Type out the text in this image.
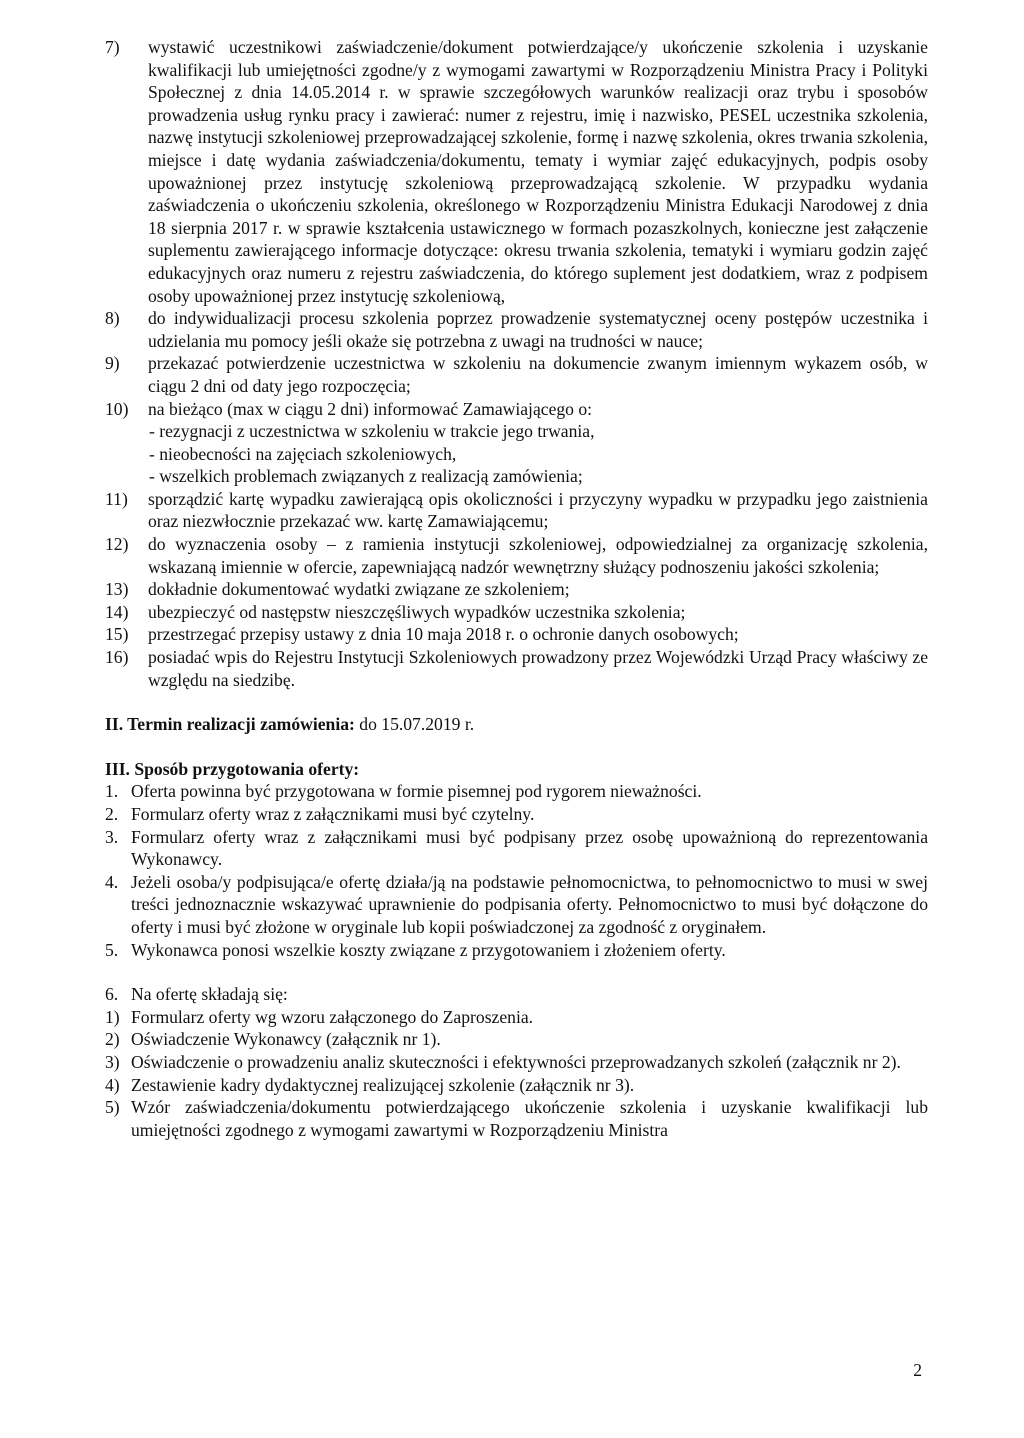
7)	wystawić uczestnikowi zaświadczenie/dokument potwierdzające/y ukończenie szkolenia i uzyskanie kwalifikacji lub umiejętności zgodne/y z wymogami zawartymi w Rozporządzeniu Ministra Pracy i Polityki Społecznej z dnia 14.05.2014 r. w sprawie szczegółowych warunków realizacji oraz trybu i sposobów prowadzenia usług rynku pracy i zawierać: numer z rejestru, imię i nazwisko, PESEL uczestnika szkolenia, nazwę instytucji szkoleniowej przeprowadzającej szkolenie, formę i nazwę szkolenia, okres trwania szkolenia, miejsce i datę wydania zaświadczenia/dokumentu, tematy i wymiar zajęć edukacyjnych, podpis osoby upoważnionej przez instytucję szkoleniową przeprowadzającą szkolenie. W przypadku wydania zaświadczenia o ukończeniu szkolenia, określonego w Rozporządzeniu Ministra Edukacji Narodowej z dnia 18 sierpnia 2017 r. w sprawie kształcenia ustawicznego w formach pozaszkolnych, konieczne jest załączenie suplementu zawierającego informacje dotyczące: okresu trwania szkolenia, tematyki i wymiaru godzin zajęć edukacyjnych oraz numeru z rejestru zaświadczenia, do którego suplement jest dodatkiem, wraz z podpisem osoby upoważnionej przez instytucję szkoleniową,
8)	do indywidualizacji procesu szkolenia poprzez prowadzenie systematycznej oceny postępów uczestnika i udzielania mu pomocy jeśli okaże się potrzebna z uwagi na trudności w nauce;
9)	przekazać potwierdzenie uczestnictwa w szkoleniu na dokumencie zwanym imiennym wykazem osób, w ciągu 2 dni od daty jego rozpoczęcia;
10)	na bieżąco (max w ciągu 2 dni) informować Zamawiającego o:
- rezygnacji z uczestnictwa w szkoleniu w trakcie jego trwania,
- nieobecności na zajęciach szkoleniowych,
- wszelkich problemach związanych z realizacją zamówienia;
11)	sporządzić kartę wypadku zawierającą opis okoliczności i przyczyny wypadku w przypadku jego zaistnienia oraz niezwłocznie przekazać ww. kartę Zamawiającemu;
12)	do wyznaczenia osoby – z ramienia instytucji szkoleniowej, odpowiedzialnej za organizację szkolenia, wskazaną imiennie w ofercie, zapewniającą nadzór wewnętrzny służący podnoszeniu jakości szkolenia;
13)	dokładnie dokumentować wydatki związane ze szkoleniem;
14)	ubezpieczyć od następstw nieszczęśliwych wypadków uczestnika szkolenia;
15)	przestrzegać przepisy ustawy z dnia 10 maja 2018 r. o ochronie danych osobowych;
16)	posiadać wpis do Rejestru Instytucji Szkoleniowych prowadzony przez Wojewódzki Urząd Pracy właściwy ze względu na siedzibę.
II. Termin realizacji zamówienia: do 15.07.2019 r.
III. Sposób przygotowania oferty:
1. Oferta powinna być przygotowana w formie pisemnej pod rygorem nieważności.
2. Formularz oferty wraz z załącznikami musi być czytelny.
3. Formularz oferty wraz z załącznikami musi być podpisany przez osobę upoważnioną do reprezentowania Wykonawcy.
4. Jeżeli osoba/y podpisująca/e ofertę działa/ją na podstawie pełnomocnictwa, to pełnomocnictwo to musi w swej treści jednoznacznie wskazywać uprawnienie do podpisania oferty. Pełnomocnictwo to musi być dołączone do oferty i musi być złożone w oryginale lub kopii poświadczonej za zgodność z oryginałem.
5. Wykonawca ponosi wszelkie koszty związane z przygotowaniem i złożeniem oferty.
6. Na ofertę składają się:
1) Formularz oferty wg wzoru załączonego do Zaproszenia.
2) Oświadczenie Wykonawcy (załącznik nr 1).
3) Oświadczenie o prowadzeniu analiz skuteczności i efektywności przeprowadzanych szkoleń (załącznik nr 2).
4) Zestawienie kadry dydaktycznej realizującej szkolenie (załącznik nr 3).
5) Wzór zaświadczenia/dokumentu potwierdzającego ukończenie szkolenia i uzyskanie kwalifikacji lub umiejętności zgodnego z wymogami zawartymi w Rozporządzeniu Ministra
2
